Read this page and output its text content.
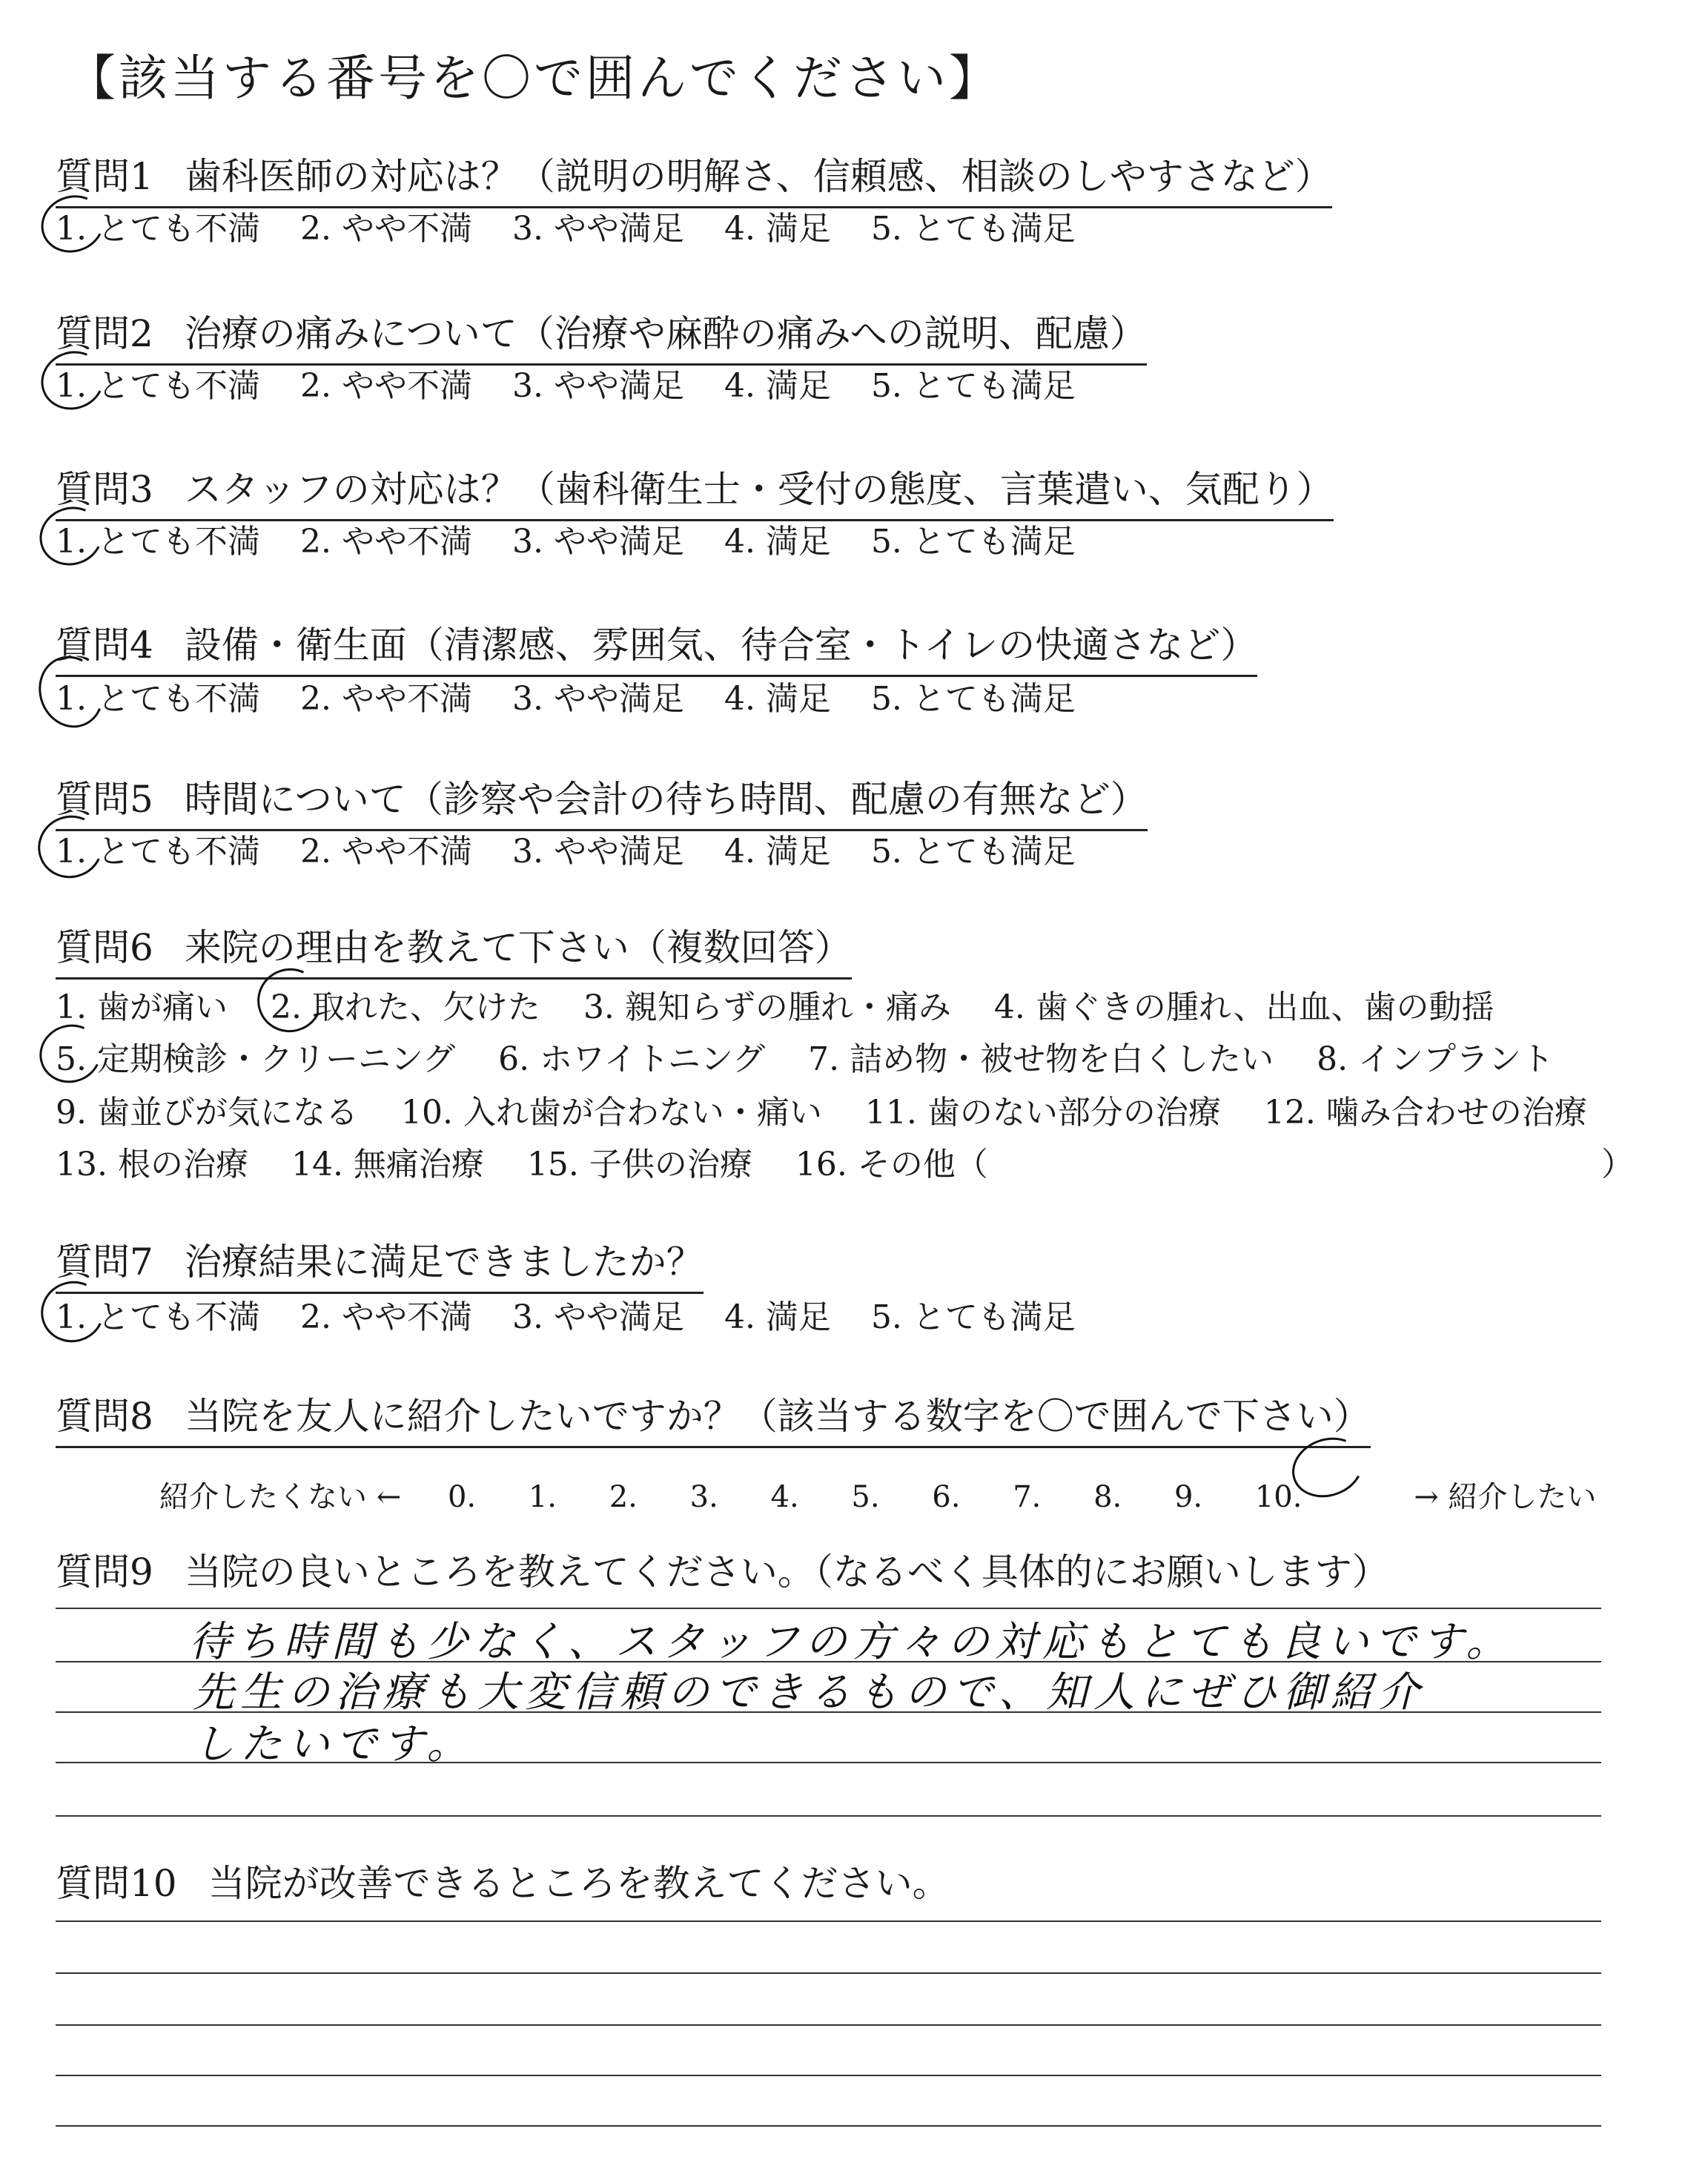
【該当する番号を〇で囲んでください】
質問1 歯科医師の対応は？（説明の明解さ、信頼感、相談のしやすさなど）
1. とても不満 2. やや不満 3. やや満足 4. 満足 5. とても満足
質問2 治療の痛みについて（治療や麻酔の痛みへの説明、配慮）
1. とても不満 2. やや不満 3. やや満足 4. 満足 5. とても満足
質問3 スタッフの対応は？（歯科衛生士・受付の態度、言葉遣い、気配り）
1. とても不満 2. やや不満 3. やや満足 4. 満足 5. とても満足
質問4 設備・衛生面（清潔感、雰囲気、待合室・トイレの快適さなど）
1. とても不満 2. やや不満 3. やや満足 4. 満足 5. とても満足
質問5 時間について（診察や会計の待ち時間、配慮の有無など）
1. とても不満 2. やや不満 3. やや満足 4. 満足 5. とても満足
質問6 来院の理由を教えて下さい（複数回答）
1. 歯が痛い 2. 取れた、欠けた 3. 親知らずの腫れ・痛み 4. 歯ぐきの腫れ、出血、歯の動揺
5. 定期検診・クリーニング 6. ホワイトニング 7. 詰め物・被せ物を白くしたい 8. インプラント
9. 歯並びが気になる 10. 入れ歯が合わない・痛い 11. 歯のない部分の治療 12. 噛み合わせの治療
13. 根の治療 14. 無痛治療 15. 子供の治療 16. その他（	）
質問7 治療結果に満足できましたか？
1. とても不満 2. やや不満 3. やや満足 4. 満足 5. とても満足
質問8 当院を友人に紹介したいですか？（該当する数字を〇で囲んで下さい）
紹介したくない ← 0. 1. 2. 3. 4. 5. 6. 7. 8. 9. 10.	→ 紹介したい
質問9 当院の良いところを教えてください。（なるべく具体的にお願いします）
待ち時間も少なく、スタッフの方々の対応もとても良いです。
先生の治療も大変信頼のできるもので、知人にぜひ御紹介
したいです。
質問10 当院が改善できるところを教えてください。
